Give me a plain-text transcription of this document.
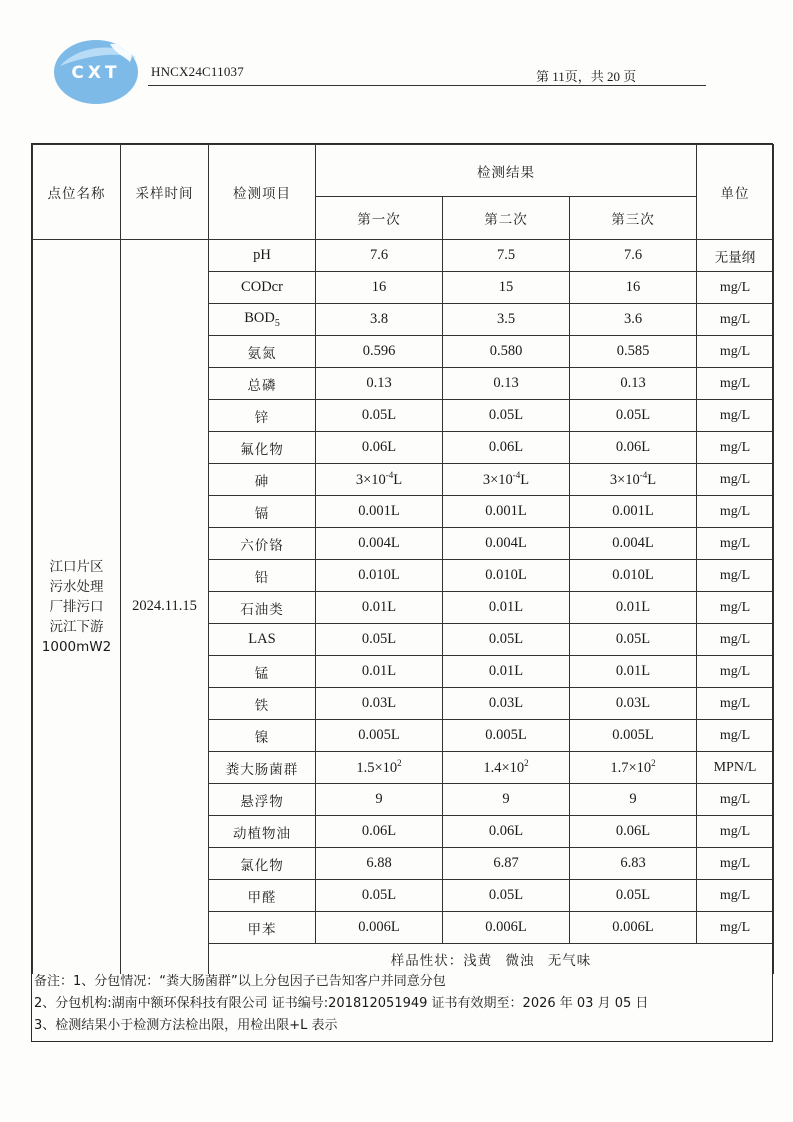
CXT HNCX24C11037	第 11页，共 20 页
点位名称	采样时间	检测项目	检测结果			单位
			第一次	第二次	第三次	

江口片区
污水处理
厂排污口
沅江下游
1000mW2	2024.11.15	pH	7.6	7.5	7.6	无量纲
		CODcr	16	15	16	mg/L
		$BOD_5$	3.8	3.5	3.6	mg/L
		氨氮	0.596	0.580	0.585	mg/L
		总磷	0.13	0.13	0.13	mg/L
		锌	0.05L	0.05L	0.05L	mg/L
		氟化物	0.06L	0.06L	0.06L	mg/L
		砷	$3\times 10^{-4}L$	$3\times 10^{-4}L$	$3\times 10^{-4}L$	mg/L
		镉	0.001L	0.001L	0.001L	mg/L
		六价铬	0.004L	0.004L	0.004L	mg/L
		铅	0.010L	0.010L	0.010L	mg/L
		石油类	0.01L	0.01L	0.01L	mg/L
		LAS	0.05L	0.05L	0.05L	mg/L
		锰	0.01L	0.01L	0.01L	mg/L
		铁	0.03L	0.03L	0.03L	mg/L
		镍	0.005L	0.005L	0.005L	mg/L
		粪大肠菌群	$1.5\times 10^2$	$1.4\times 10^2$	$1.7\times 10^2$	MPN/L
		悬浮物	9	9	9	mg/L
		动植物油	0.06L	0.06L	0.06L	mg/L
		氯化物	6.88	6.87	6.83	mg/L
		甲醛	0.05L	0.05L	0.05L	mg/L
		甲苯	0.006L	0.006L	0.006L	mg/L
		样品性状：浅黄 微浊 无气味				
备注：1、分包情况：“粪大肠菌群”以上分包因子已告知客户并同意分包
2、分包机构:湖南中额环保科技有限公司 证书编号:201812051949 证书有效期至：2026 年 03 月 05 日
3、检测结果小于检测方法检出限，用检出限+L 表示
